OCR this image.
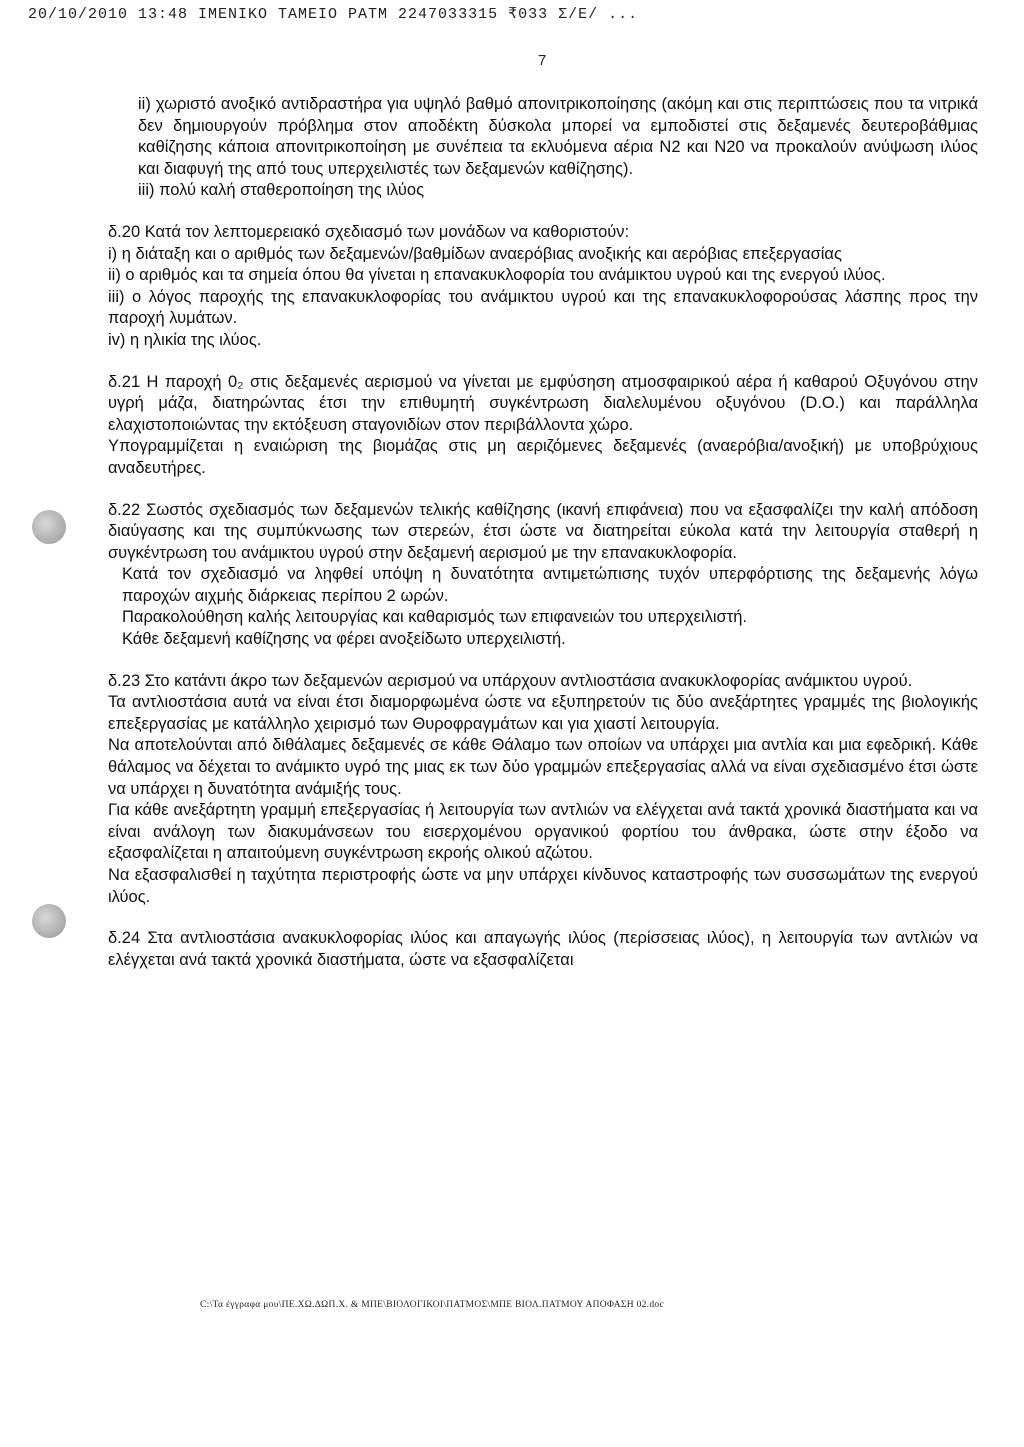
20/10/2010 13:48 ΙΜΕΝΙΚΟ ΤΑΜΕΙΟ ΡΑΤΜ 2247033315 ₹033 Σ/Ε/ ...
7

ii) χωριστό ανοξικό αντιδραστήρα για υψηλό βαθμό απονιτρικοποίησης (ακόμη και στις περιπτώσεις που τα νιτρικά δεν δημιουργούν πρόβλημα στον αποδέκτη δύσκολα μπορεί να εμποδιστεί στις δεξαμενές δευτεροβάθμιας καθίζησης κάποια απονιτρικοποίηση με συνέπεια τα εκλυόμενα αέρια Ν2 και Ν20 να προκαλούν ανύψωση ιλύος και διαφυγή της από τους υπερχειλιστές των δεξαμενών καθίζησης).

iii) πολύ καλή σταθεροποίηση της ιλύος

δ.20 Κατά τον λεπτομερειακό σχεδιασμό των μονάδων να καθοριστούν:

i) η διάταξη και ο αριθμός των δεξαμενών/βαθμίδων αναερόβιας ανοξικής και αερόβιας επεξεργασίας

ii) ο αριθμός και τα σημεία όπου θα γίνεται η επανακυκλοφορία του ανάμικτου υγρού και της ενεργού ιλύος.

iii) ο λόγος παροχής της επανακυκλοφορίας του ανάμικτου υγρού και της επανακυκλοφορούσας λάσπης προς την παροχή λυμάτων.

iv) η ηλικία της ιλύος.

δ.21 Η παροχή 0₂ στις δεξαμενές αερισμού να γίνεται με εμφύσηση ατμοσφαιρικού αέρα ή καθαρού Οξυγόνου στην υγρή μάζα, διατηρώντας έτσι την επιθυμητή συγκέντρωση διαλελυμένου οξυγόνου (D.O.) και παράλληλα ελαχιστοποιώντας την εκτόξευση σταγονιδίων στον περιβάλλοντα χώρο.

Υπογραμμίζεται η εναιώριση της βιομάζας στις μη αεριζόμενες δεξαμενές (αναερόβια/ανοξική) με υποβρύχιους αναδευτήρες.

δ.22 Σωστός σχεδιασμός των δεξαμενών τελικής καθίζησης (ικανή επιφάνεια) που να εξασφαλίζει την καλή απόδοση διαύγασης και της συμπύκνωσης των στερεών, έτσι ώστε να διατηρείται εύκολα κατά την λειτουργία σταθερή η συγκέντρωση του ανάμικτου υγρού στην δεξαμενή αερισμού με την επανακυκλοφορία.

Κατά τον σχεδιασμό να ληφθεί υπόψη η δυνατότητα αντιμετώπισης τυχόν υπερφόρτισης της δεξαμενής λόγω παροχών αιχμής διάρκειας περίπου 2 ωρών.

Παρακολούθηση καλής λειτουργίας και καθαρισμός των επιφανειών του υπερχειλιστή.

Κάθε δεξαμενή καθίζησης να φέρει ανοξείδωτο υπερχειλιστή.

δ.23 Στο κατάντι άκρο των δεξαμενών αερισμού να υπάρχουν αντλιοστάσια ανακυκλοφορίας ανάμικτου υγρού.

Τα αντλιοστάσια αυτά να είναι έτσι διαμορφωμένα ώστε να εξυπηρετούν τις δύο ανεξάρτητες γραμμές της βιολογικής επεξεργασίας με κατάλληλο χειρισμό των Θυροφραγμάτων και για χιαστί λειτουργία.

Να αποτελούνται από διθάλαμες δεξαμενές σε κάθε Θάλαμο των οποίων να υπάρχει μια αντλία και μια εφεδρική. Κάθε θάλαμος να δέχεται το ανάμικτο υγρό της μιας εκ των δύο γραμμών επεξεργασίας αλλά να είναι σχεδιασμένο έτσι ώστε να υπάρχει η δυνατότητα ανάμιξής τους.

Για κάθε ανεξάρτητη γραμμή επεξεργασίας ή λειτουργία των αντλιών να ελέγχεται ανά τακτά χρονικά διαστήματα και να είναι ανάλογη των διακυμάνσεων του εισερχομένου οργανικού φορτίου του άνθρακα, ώστε στην έξοδο να εξασφαλίζεται η απαιτούμενη συγκέντρωση εκροής ολικού αζώτου.

Να εξασφαλισθεί η ταχύτητα περιστροφής ώστε να μην υπάρχει κίνδυνος καταστροφής των συσσωμάτων της ενεργού ιλύος.

δ.24 Στα αντλιοστάσια ανακυκλοφορίας ιλύος και απαγωγής ιλύος (περίσσειας ιλύος), η λειτουργία των αντλιών να ελέγχεται ανά τακτά χρονικά διαστήματα, ώστε να εξασφαλίζεται

C:\Τα έγγραφα μου\ΠΕ.ΧΩ.ΔΩΠ.Χ. & ΜΠΕ\ΒΙΟΛΟΓΙΚΟΙ\ΠΑΤΜΟΣ\ΜΠΕ ΒΙΟΛ.ΠΑΤΜΟΥ ΑΠΟΦΑΣΗ 02.doc
